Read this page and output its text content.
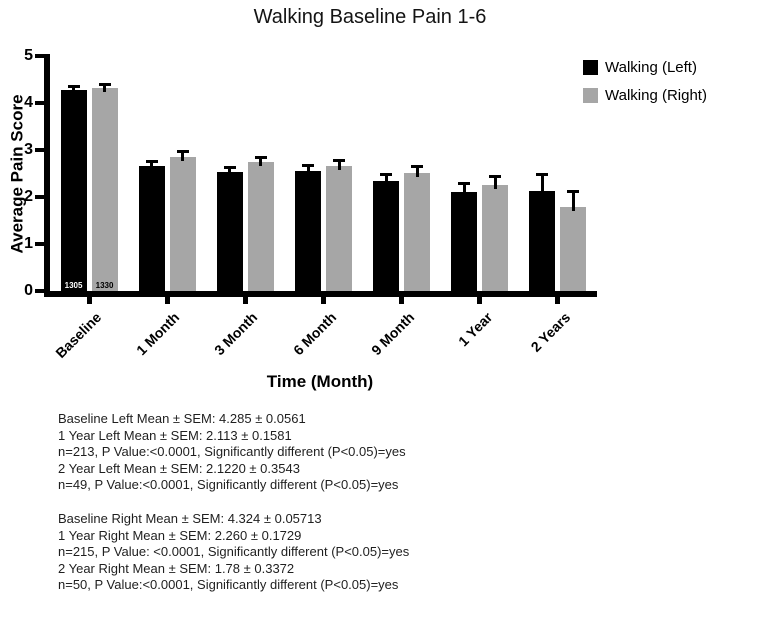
Walking Baseline Pain 1-6
Average Pain Score
0
1
2
3
4
5
1305	1330
Baseline	1 Month	3 Month	6 Month	9 Month	1 Year	2 Years
Time (Month)
Walking (Left)
Walking (Right)
Baseline Left Mean ± SEM: 4.285 ± 0.0561
1 Year Left Mean ± SEM: 2.113 ± 0.1581
n=213, P Value:<0.0001, Significantly different (P<0.05)=yes
2 Year Left Mean ± SEM: 2.1220 ± 0.3543
n=49, P Value:<0.0001, Significantly different (P<0.05)=yes
Baseline Right Mean ± SEM: 4.324 ± 0.05713
1 Year Right Mean ± SEM: 2.260 ± 0.1729
n=215, P Value: <0.0001, Significantly different (P<0.05)=yes
2 Year Right Mean ± SEM: 1.78 ± 0.3372
n=50, P Value:<0.0001, Significantly different (P<0.05)=yes
